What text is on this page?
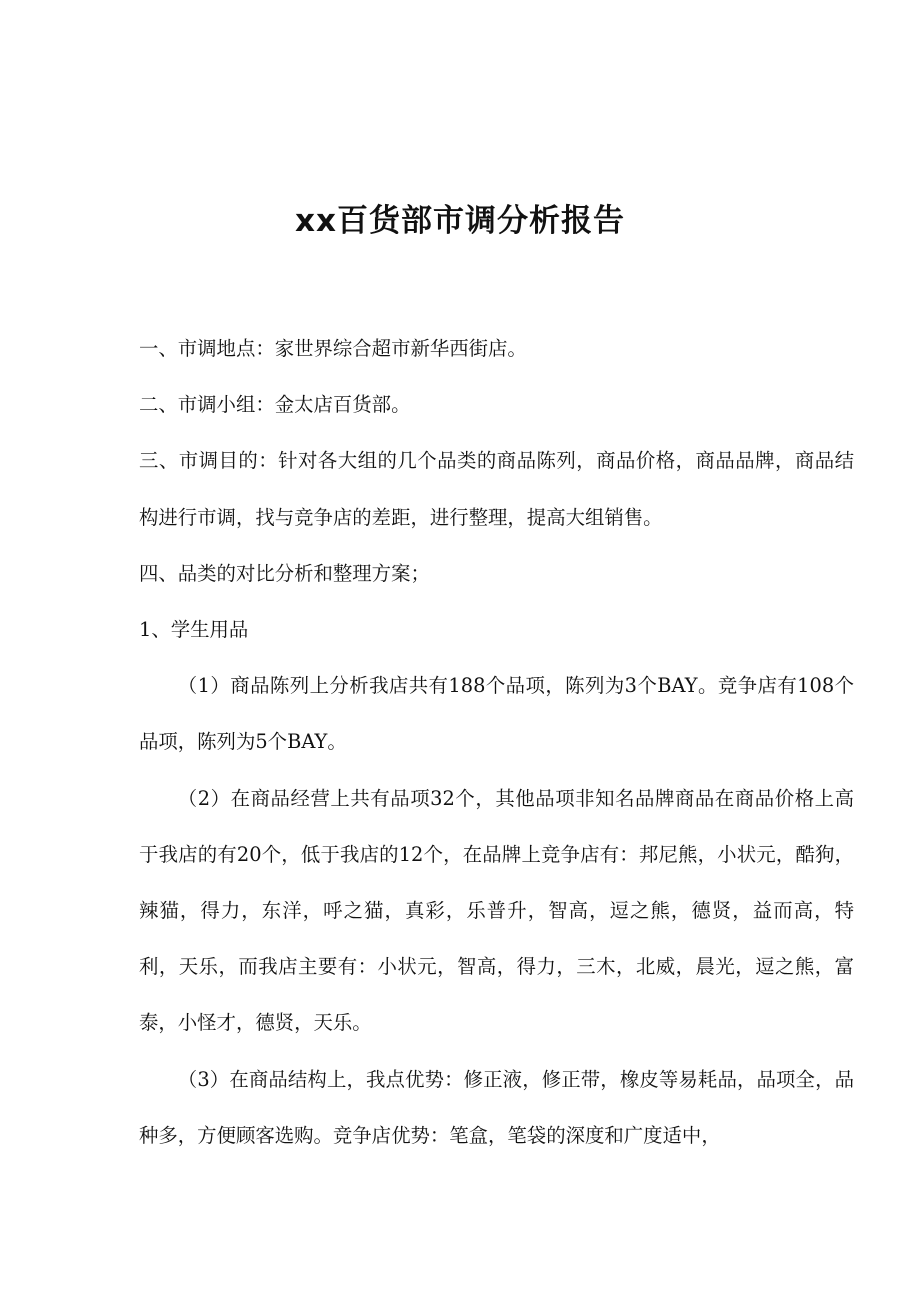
xx百货部市调分析报告

一、市调地点：家世界综合超市新华西街店。

二、市调小组：金太店百货部。

三、市调目的：针对各大组的几个品类的商品陈列，商品价格，商品品牌，商品结构进行市调，找与竞争店的差距，进行整理，提高大组销售。

四、品类的对比分析和整理方案；

1、学生用品

（1）商品陈列上分析我店共有188个品项，陈列为3个BAY。竞争店有108个品项，陈列为5个BAY。

（2）在商品经营上共有品项32个，其他品项非知名品牌商品在商品价格上高于我店的有20个，低于我店的12个，在品牌上竞争店有：邦尼熊，小状元，酷狗，辣猫，得力，东洋，呼之猫，真彩，乐普升，智高，逗之熊，德贤，益而高，特利，天乐，而我店主要有：小状元，智高，得力，三木，北威，晨光，逗之熊，富泰，小怪才，德贤，天乐。

（3）在商品结构上，我点优势：修正液，修正带，橡皮等易耗品，品项全，品种多，方便顾客选购。竞争店优势：笔盒，笔袋的深度和广度适中，
